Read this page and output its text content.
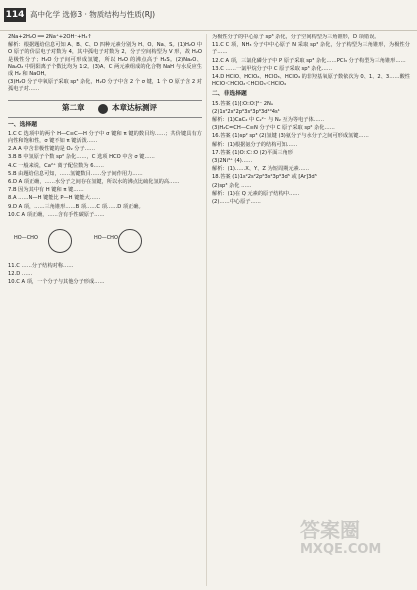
114 高中化学 选修3 · 物质结构与性质(RJ)

2Na+2H₂O ══ 2Na⁺+2OH⁻+H₂↑

解析：根据题给信息可知 A、B、C、D 四种元素分别为 H、O、Na、S。(1)H₂O 中 O 原子的价层电子对数为 4，其中孤电子对数为 2，分子空间构型为 V 形，故 H₂O 是极性分子；H₂O 分子间可形成氢键，所以 H₂O 的沸点高于 H₂S。(2)Na₂O、Na₂O₂ 中阴阳离子个数比均为 1∶2。(3)A、C 两元素组成的化合物 NaH 与水反应生成 H₂ 和 NaOH。

(3)H₂O 分子中氧原子采取 sp³ 杂化，H₂O 分子中含 2 个 σ 键，1 个 O 原子含 2 对孤电子对……

第二章	本章达标测评
一、选择题

1.C C 选项中的两个 H—C≡C—H 分子中 σ 键和 π 键的数目均……；共价键具有方向性和饱和性，σ 键不如 π 键活泼……

2.A A 中含非极性键的是 O₂ 分子……

3.B B 中氢原子个数 sp² 杂化……，C 选项 HCO 中含 σ 键……

4.C 一般来说，Ca²⁺ 离子配位数为 6……

5.B 由题给信息可知，……氢键数目……分子间作用力……

6.D A 项正确，……水分子之间存在氢键，所以水的沸点比硫化氢的高……

7.B 因为其中有 H 键和 π 键……

8.A ……N—H 键能比 P—H 键能大……

9.D A 项，……三角锥形……B 项……C 项……D 项正确。

10.C A 项正确，……含有手性碳原子……

HO—CHO	HO—CHO

11.C ……分子结构对称……

12.D ……

10.C A 项，一个分子与其他分子形成……

为极性分子的中心原子 sp³ 杂化，分子空间构型为三角锥形，D 项错误。

11.C C 项，NH₃ 分子中中心原子 N 采取 sp³ 杂化，分子构型为三角锥形，为极性分子……

12.C A 项，三氯化磷分子中 P 原子采取 sp³ 杂化……PCl₃ 分子构型为三角锥形……

13.C ……一氯甲烷分子中 C 原子采取 sp³ 杂化……

14.D HClO、HClO₂、HClO₃、HClO₄ 的非羟基氧原子数依次为 0、1、2、3……酸性 HClO＜HClO₂＜HClO₃＜HClO₄

二、非选择题

15.答案 (1)[∶O∶∶O∶]²⁻ 2Nₐ

(2)1s²2s²2p⁶3s²3p⁶3d¹⁰4s¹

解析：(1)CaC₂ 中 C₂²⁻ 与 N₂ 互为等电子体……

(3)H₂C=CH—C≡N 分子中 C 原子采取 sp² 杂化……

16.答案 (1)sp² sp³ (2)氢键 (3)氨分子与水分子之间可形成氢键……

解析：(1)根据氨分子的结构可知……

17.答案 (1)O∷C∷O (2)平面三角形

(3)2Ni³⁺ (4)……

解析：(1)……X、Y、Z 为短周期元素……

18.答案 (1)1s²2s²2p⁶3s²3p⁶3d⁵ 或 [Ar]3d⁵

(2)sp³ 杂化 ……

解析：(1)在 Q 元素的原子结构中……

(2)……中心原子……

答案圈
MXQE.COM
